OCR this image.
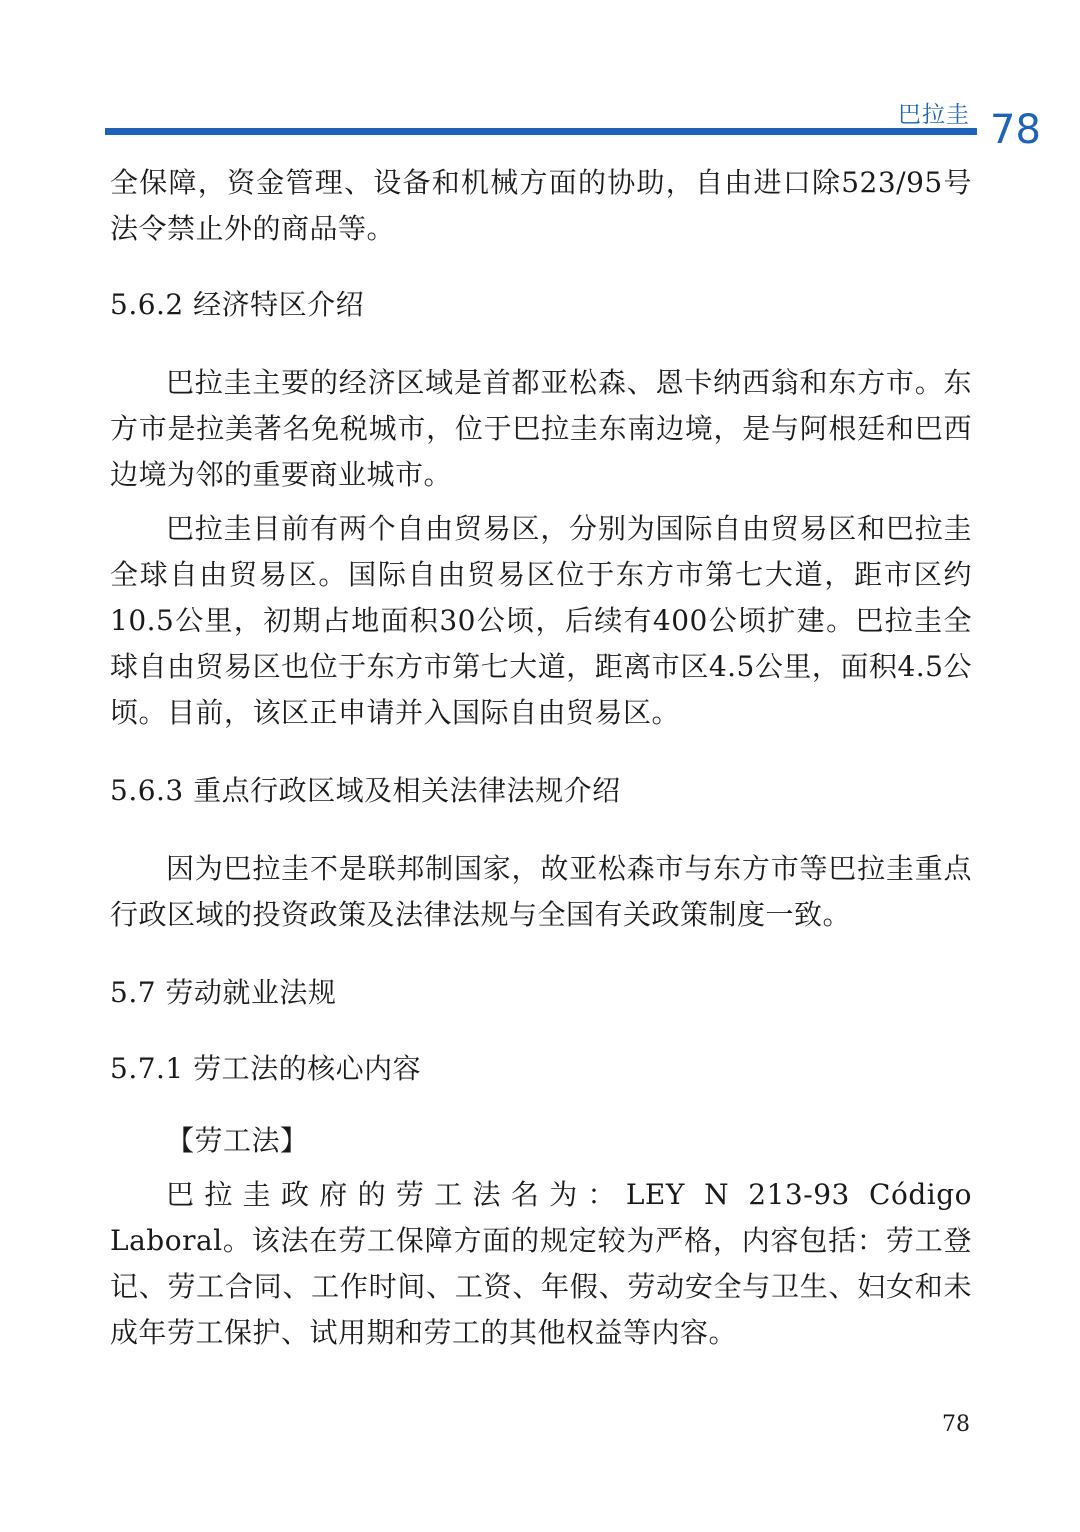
巴拉圭 78

全保障，资金管理、设备和机械方面的协助，自由进口除523/95号法令禁止外的商品等。

5.6.2 经济特区介绍

巴拉圭主要的经济区域是首都亚松森、恩卡纳西翁和东方市。东方市是拉美著名免税城市，位于巴拉圭东南边境，是与阿根廷和巴西边境为邻的重要商业城市。

巴拉圭目前有两个自由贸易区，分别为国际自由贸易区和巴拉圭全球自由贸易区。国际自由贸易区位于东方市第七大道，距市区约10.5公里，初期占地面积30公顷，后续有400公顷扩建。巴拉圭全球自由贸易区也位于东方市第七大道，距离市区4.5公里，面积4.5公顷。目前，该区正申请并入国际自由贸易区。

5.6.3 重点行政区域及相关法律法规介绍

因为巴拉圭不是联邦制国家，故亚松森市与东方市等巴拉圭重点行政区域的投资政策及法律法规与全国有关政策制度一致。

5.7 劳动就业法规

5.7.1 劳工法的核心内容

【劳工法】

巴拉圭政府的劳工法名为：LEY N 213-93 Código Laboral。该法在劳工保障方面的规定较为严格，内容包括：劳工登记、劳工合同、工作时间、工资、年假、劳动安全与卫生、妇女和未成年劳工保护、试用期和劳工的其他权益等内容。

78
